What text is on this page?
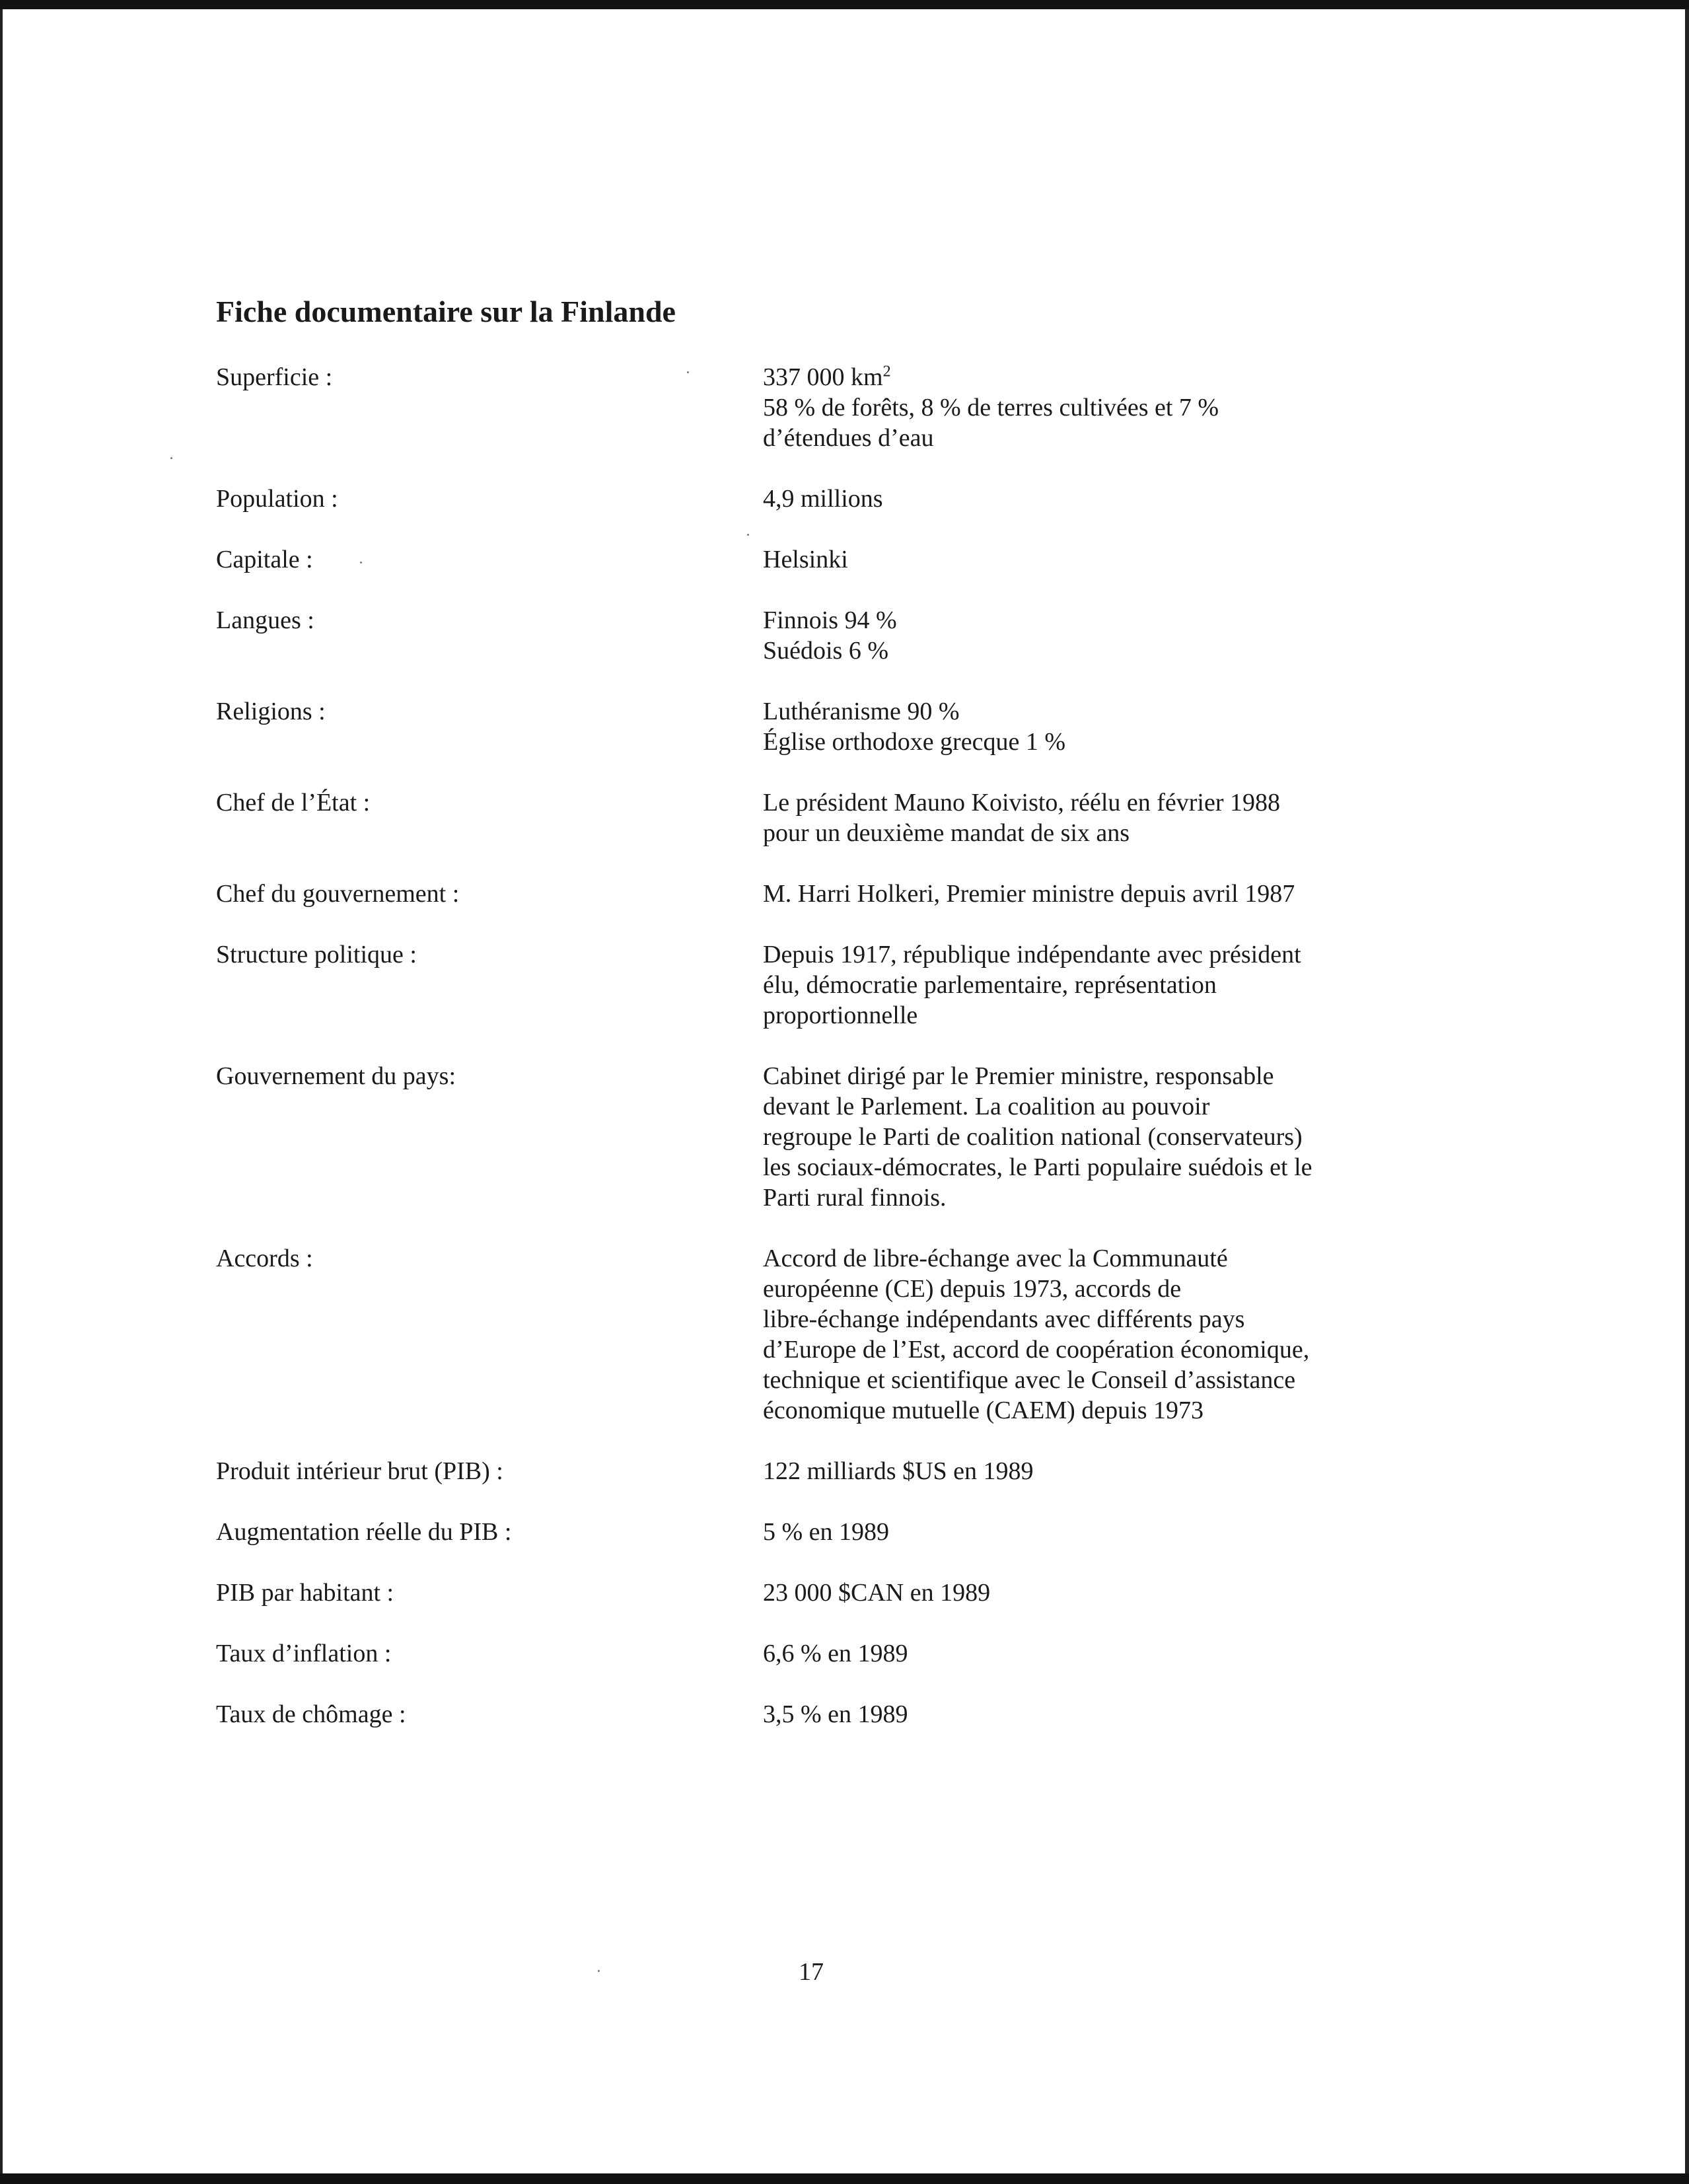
Fiche documentaire sur la Finlande
Superficie :	337 000 $km^2$
58 % de forêts, 8 % de terres cultivées et 7 %
d’étendues d’eau
Population :	4,9 millions
Capitale :	Helsinki
Langues :	Finnois 94 %
Suédois 6 %
Religions :	Luthéranisme 90 %
Église orthodoxe grecque 1 %
Chef de l’État :	Le président Mauno Koivisto, réélu en février 1988
pour un deuxième mandat de six ans
Chef du gouvernement :	M. Harri Holkeri, Premier ministre depuis avril 1987
Structure politique :	Depuis 1917, république indépendante avec président
élu, démocratie parlementaire, représentation
proportionnelle
Gouvernement du pays:	Cabinet dirigé par le Premier ministre, responsable
devant le Parlement. La coalition au pouvoir
regroupe le Parti de coalition national (conservateurs)
les sociaux-démocrates, le Parti populaire suédois et le
Parti rural finnois.
Accords :	Accord de libre-échange avec la Communauté
européenne (CE) depuis 1973, accords de
libre-échange indépendants avec différents pays
d’Europe de l’Est, accord de coopération économique,
technique et scientifique avec le Conseil d’assistance
économique mutuelle (CAEM) depuis 1973
Produit intérieur brut (PIB) :	122 milliards $US en 1989
Augmentation réelle du PIB :	5 % en 1989
PIB par habitant :	23 000 $CAN en 1989
Taux d’inflation :	6,6 % en 1989
Taux de chômage :	3,5 % en 1989
17
